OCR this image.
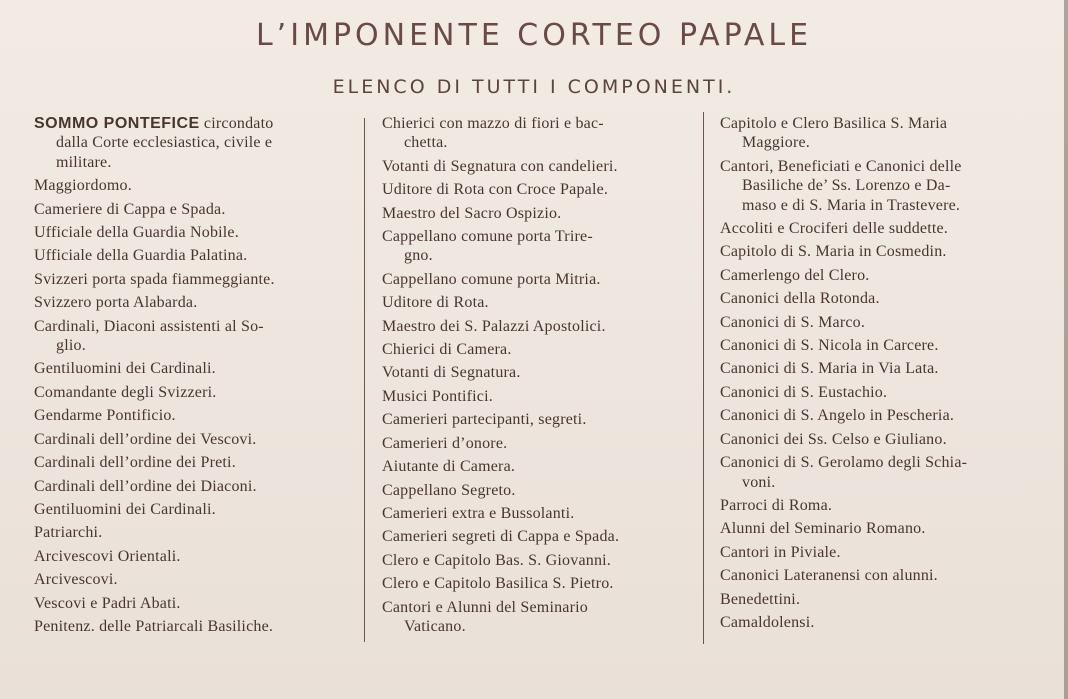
L’IMPONENTE CORTEO PAPALE
ELENCO DI TUTTI I COMPONENTI.
SOMMO PONTEFICE circondato
dalla Corte ecclesiastica, civile e
militare.
Maggiordomo.
Cameriere di Cappa e Spada.
Ufficiale della Guardia Nobile.
Ufficiale della Guardia Palatina.
Svizzeri porta spada fiammeggiante.
Svizzero porta Alabarda.
Cardinali, Diaconi assistenti al So-
glio.
Gentiluomini dei Cardinali.
Comandante degli Svizzeri.
Gendarme Pontificio.
Cardinali dell’ordine dei Vescovi.
Cardinali dell’ordine dei Preti.
Cardinali dell’ordine dei Diaconi.
Gentiluomini dei Cardinali.
Patriarchi.
Arcivescovi Orientali.
Arcivescovi.
Vescovi e Padri Abati.
Penitenz. delle Patriarcali Basiliche.
Chierici con mazzo di fiori e bac-
chetta.
Votanti di Segnatura con candelieri.
Uditore di Rota con Croce Papale.
Maestro del Sacro Ospizio.
Cappellano comune porta Trire-
gno.
Cappellano comune porta Mitria.
Uditore di Rota.
Maestro dei S. Palazzi Apostolici.
Chierici di Camera.
Votanti di Segnatura.
Musici Pontifici.
Camerieri partecipanti, segreti.
Camerieri d’onore.
Aiutante di Camera.
Cappellano Segreto.
Camerieri extra e Bussolanti.
Camerieri segreti di Cappa e Spada.
Clero e Capitolo Bas. S. Giovanni.
Clero e Capitolo Basilica S. Pietro.
Cantori e Alunni del Seminario
Vaticano.
Capitolo e Clero Basilica S. Maria
Maggiore.
Cantori, Beneficiati e Canonici delle
Basiliche de’ Ss. Lorenzo e Da-
maso e di S. Maria in Trastevere.
Accoliti e Crociferi delle suddette.
Capitolo di S. Maria in Cosmedin.
Camerlengo del Clero.
Canonici della Rotonda.
Canonici di S. Marco.
Canonici di S. Nicola in Carcere.
Canonici di S. Maria in Via Lata.
Canonici di S. Eustachio.
Canonici di S. Angelo in Pescheria.
Canonici dei Ss. Celso e Giuliano.
Canonici di S. Gerolamo degli Schia-
voni.
Parroci di Roma.
Alunni del Seminario Romano.
Cantori in Piviale.
Canonici Lateranensi con alunni.
Benedettini.
Camaldolensi.
